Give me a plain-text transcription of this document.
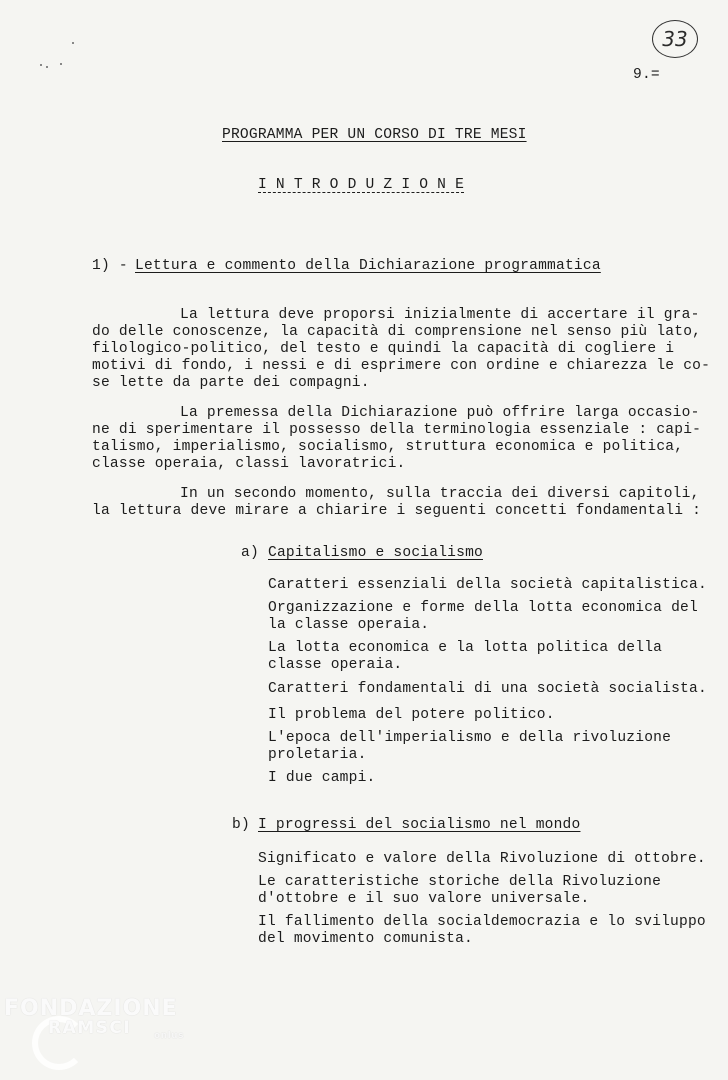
33
9.=
PROGRAMMA PER UN CORSO DI TRE MESI
I N T R O D U Z I O N E
1) - Lettura e commento della Dichiarazione programmatica
La lettura deve proporsi inizialmente di accertare il gra-
do delle conoscenze, la capacità di comprensione nel senso più lato,
filologico-politico, del testo e quindi la capacità di cogliere i
motivi di fondo, i nessi e di esprimere con ordine e chiarezza le co-
se lette da parte dei compagni.
La premessa della Dichiarazione può offrire larga occasio-
ne di sperimentare il possesso della terminologia essenziale : capi-
talismo, imperialismo, socialismo, struttura economica e politica,
classe operaia, classi lavoratrici.
In un secondo momento, sulla traccia dei diversi capitoli,
la lettura deve mirare a chiarire i seguenti concetti fondamentali :
a) Capitalismo e socialismo
Caratteri essenziali della società capitalistica.
Organizzazione e forme della lotta economica del
la classe operaia.
La lotta economica e la lotta politica della
classe operaia.
Caratteri fondamentali di una società socialista.
Il problema del potere politico.
L'epoca dell'imperialismo e della rivoluzione
proletaria.
I due campi.
b) I progressi del socialismo nel mondo
Significato e valore della Rivoluzione di ottobre.
Le caratteristiche storiche della Rivoluzione
d'ottobre e il suo valore universale.
Il fallimento della socialdemocrazia e lo sviluppo
del movimento comunista.
FONDAZIONE
RAMSCI	onlus
